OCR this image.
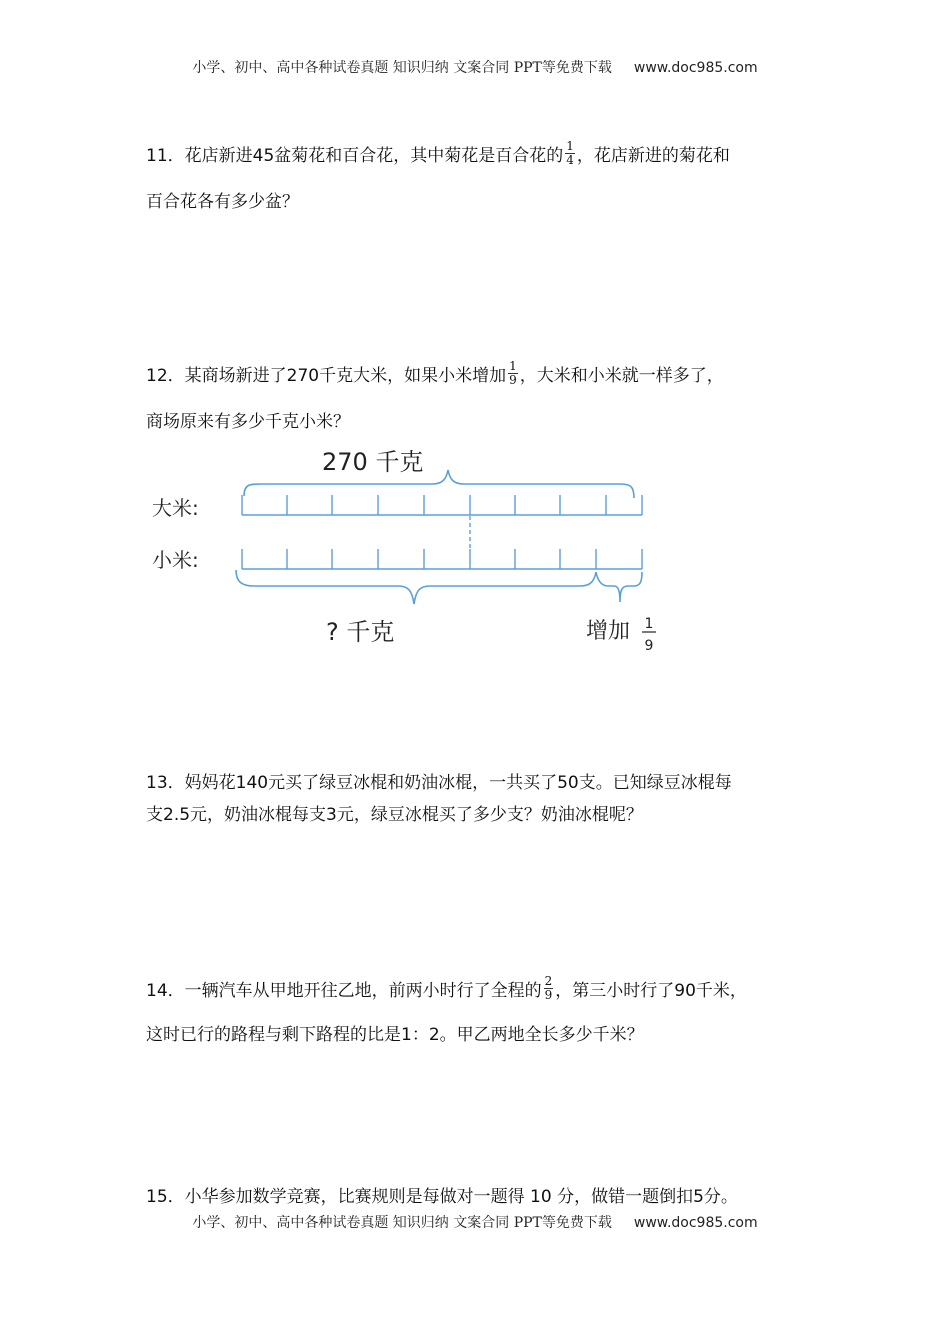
小学、初中、高中各种试卷真题 知识归纳 文案合同 PPT等免费下载 www.doc985.com
11．花店新进45盆菊花和百合花，其中菊花是百合花的 $\frac{1}{4}$ ，花店新进的菊花和
百合花各有多少盆？
12．某商场新进了270千克大米，如果小米增加 $\frac{1}{9}$ ，大米和小米就一样多了，
商场原来有多少千克小米？
270 千克
大米:
小米:
? 千克	增加 1
9
13．妈妈花140元买了绿豆冰棍和奶油冰棍，一共买了50支。已知绿豆冰棍每
支2.5元，奶油冰棍每支3元，绿豆冰棍买了多少支？奶油冰棍呢？
14．一辆汽车从甲地开往乙地，前两小时行了全程的 $\frac{2}{9}$ ，第三小时行了90千米，
这时已行的路程与剩下路程的比是1：2。甲乙两地全长多少千米？
15．小华参加数学竞赛，比赛规则是每做对一题得 10 分，做错一题倒扣5分。
小学、初中、高中各种试卷真题 知识归纳 文案合同 PPT等免费下载 www.doc985.com
